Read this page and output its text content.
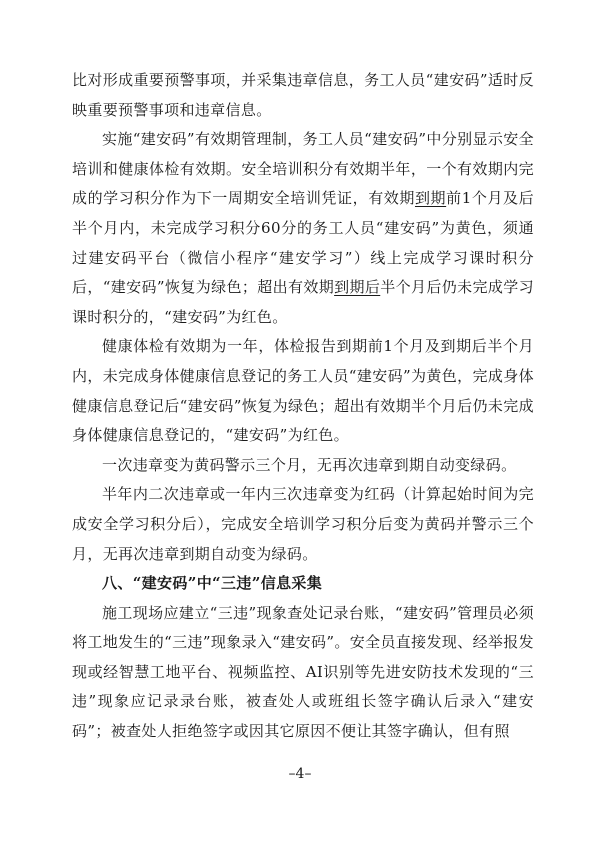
比对形成重要预警事项，并采集违章信息，务工人员“建安码”适时反映重要预警事项和违章信息。

实施“建安码”有效期管理制，务工人员“建安码”中分别显示安全培训和健康体检有效期。安全培训积分有效期半年，一个有效期内完成的学习积分作为下一周期安全培训凭证，有效期到期前1个月及后半个月内，未完成学习积分60分的务工人员“建安码”为黄色，须通过建安码平台（微信小程序“建安学习”）线上完成学习课时积分后，“建安码”恢复为绿色；超出有效期到期后半个月后仍未完成学习课时积分的，“建安码”为红色。

健康体检有效期为一年，体检报告到期前1个月及到期后半个月内，未完成身体健康信息登记的务工人员“建安码”为黄色，完成身体健康信息登记后“建安码”恢复为绿色；超出有效期半个月后仍未完成身体健康信息登记的，“建安码”为红色。

一次违章变为黄码警示三个月，无再次违章到期自动变绿码。

半年内二次违章或一年内三次违章变为红码（计算起始时间为完成安全学习积分后），完成安全培训学习积分后变为黄码并警示三个月，无再次违章到期自动变为绿码。

八、“建安码”中“三违”信息采集

施工现场应建立“三违”现象查处记录台账，“建安码”管理员必须将工地发生的“三违”现象录入“建安码”。安全员直接发现、经举报发现或经智慧工地平台、视频监控、AI识别等先进安防技术发现的“三违”现象应记录录台账，被查处人或班组长签字确认后录入“建安码”；被查处人拒绝签字或因其它原因不便让其签字确认，但有照

–4–
